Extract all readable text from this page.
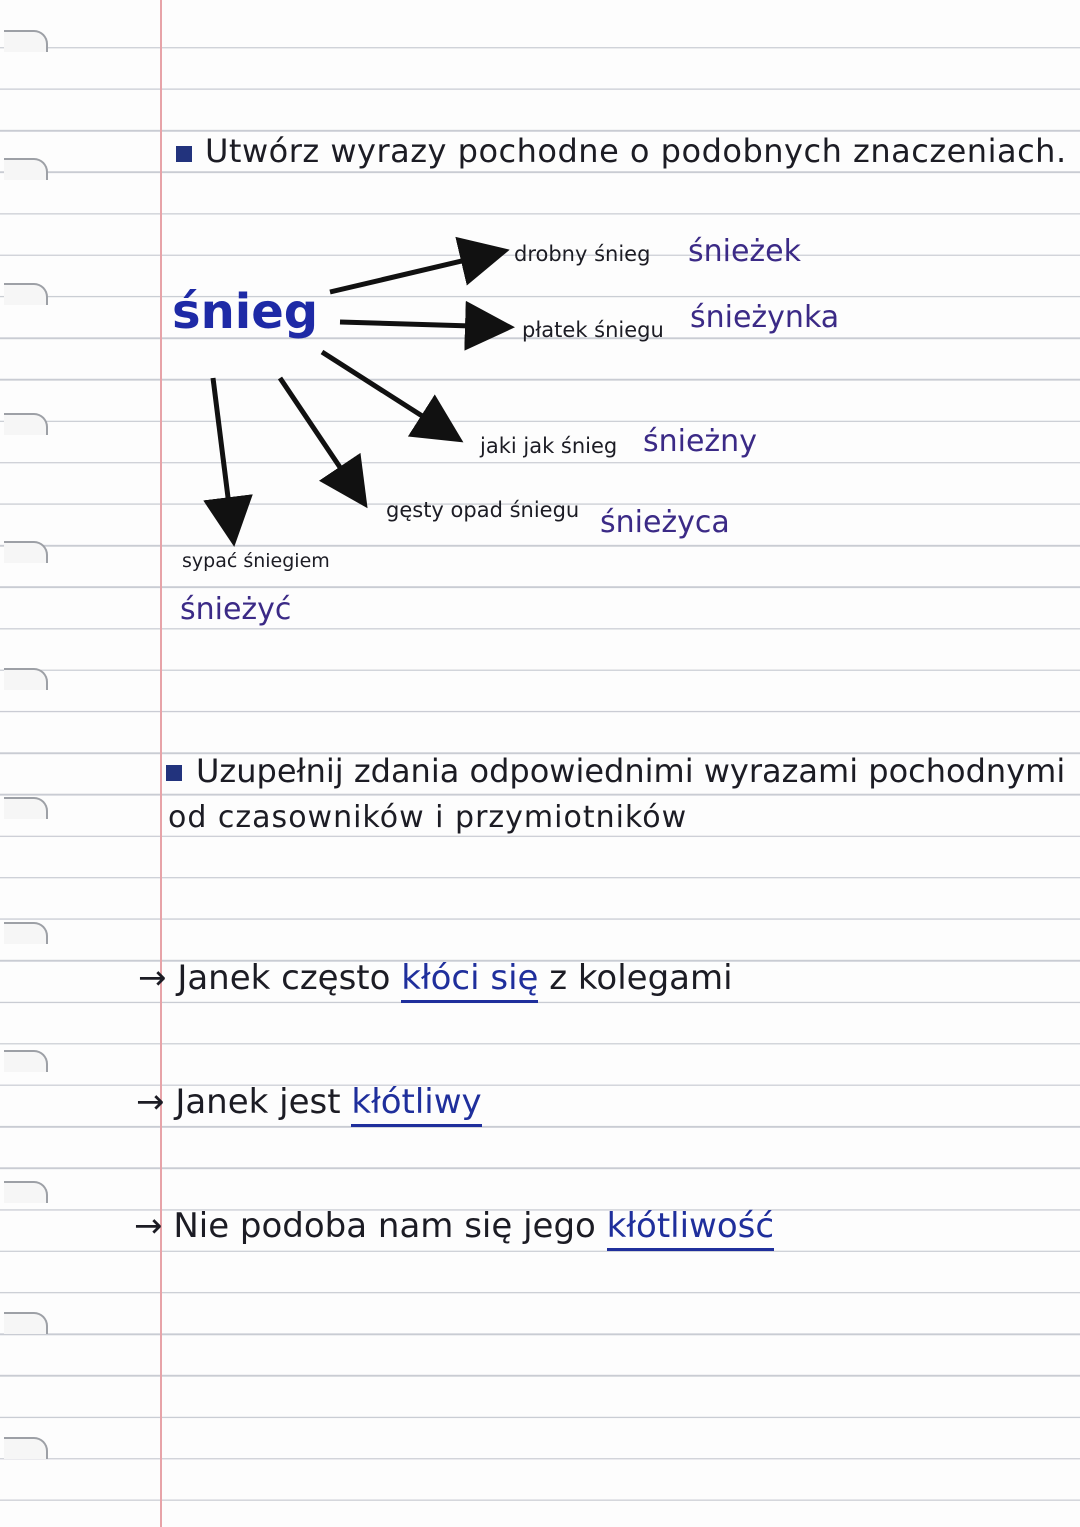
Utwórz wyrazy pochodne o podobnych znaczeniach.
śnieg
drobny śnieg śnieżek
płatek śniegu śnieżynka
jaki jak śnieg śnieżny
gęsty opad śniegu śnieżyca
sypać śniegiem
śnieżyć
Uzupełnij zdania odpowiednimi wyrazami pochodnymi
od czasowników i przymiotników
→ Janek często kłóci się z kolegami
→ Janek jest kłótliwy
→ Nie podoba nam się jego kłótliwość
